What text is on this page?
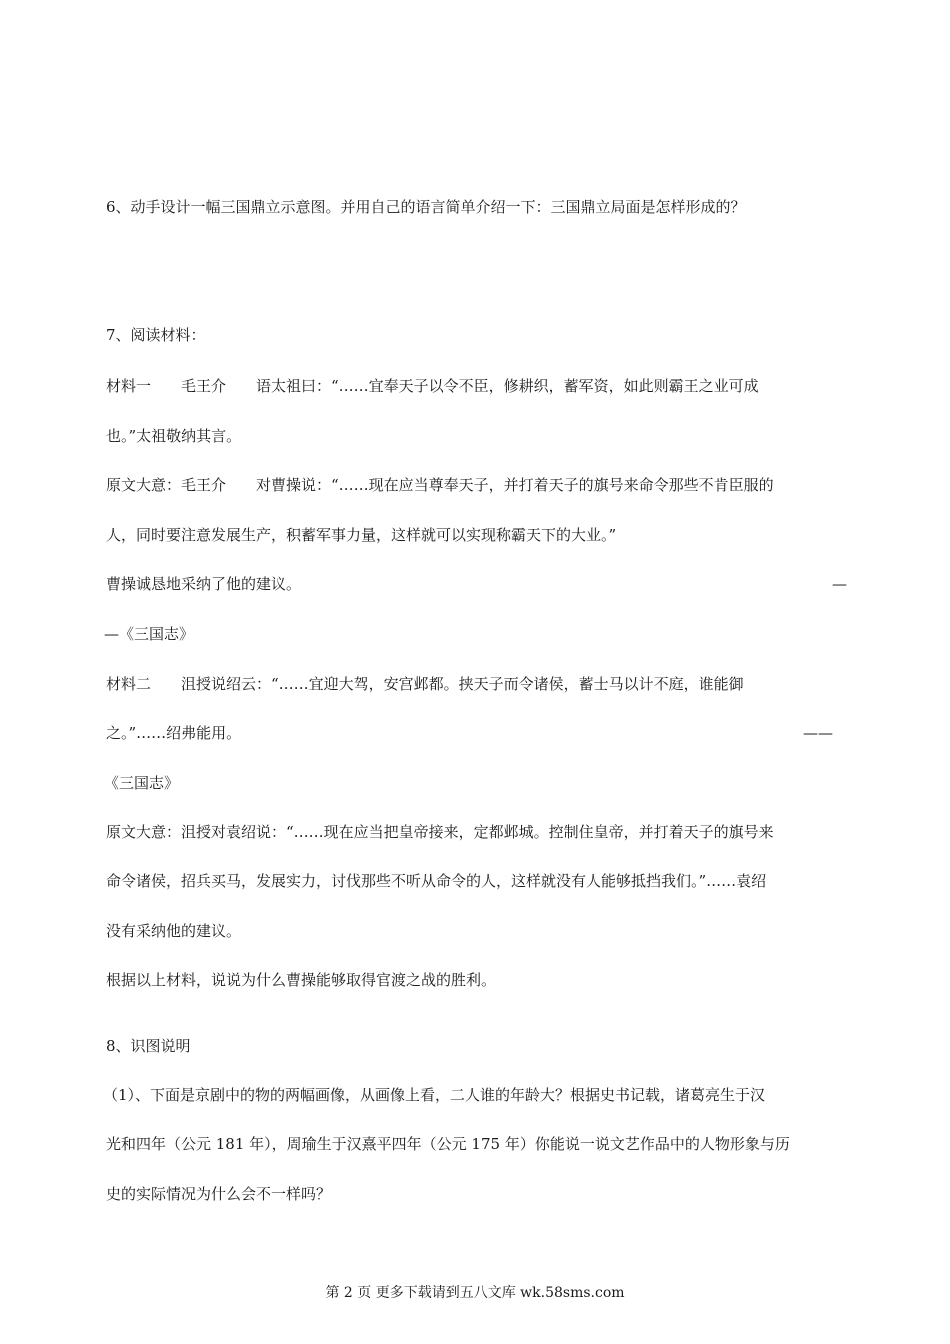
6、动手设计一幅三国鼎立示意图。并用自己的语言简单介绍一下：三国鼎立局面是怎样形成的？
7、阅读材料：
材料一　　毛王介　　语太祖曰：“……宜奉天子以令不臣，修耕织，蓄军资，如此则霸王之业可成
也。”太祖敬纳其言。
原文大意：毛王介　　对曹操说：“……现在应当尊奉天子，并打着天子的旗号来命令那些不肯臣服的
人，同时要注意发展生产，积蓄军事力量，这样就可以实现称霸天下的大业。”
曹操诚恳地采纳了他的建议。	—
—《三国志》
材料二　　沮授说绍云：“……宜迎大驾，安宫邺都。挟天子而令诸侯，蓄士马以计不庭，谁能御
之。”……绍弗能用。	——
《三国志》
原文大意：沮授对袁绍说：“……现在应当把皇帝接来，定都邺城。控制住皇帝，并打着天子的旗号来
命令诸侯，招兵买马，发展实力，讨伐那些不听从命令的人，这样就没有人能够抵挡我们。”……袁绍
没有采纳他的建议。
根据以上材料，说说为什么曹操能够取得官渡之战的胜利。
8、识图说明
（1）、下面是京剧中的物的两幅画像，从画像上看，二人谁的年龄大？根据史书记载，诸葛亮生于汉
光和四年（公元 181 年），周瑜生于汉熹平四年（公元 175 年）你能说一说文艺作品中的人物形象与历
史的实际情况为什么会不一样吗？
第 2 页 更多下载请到五八文库 wk.58sms.com
